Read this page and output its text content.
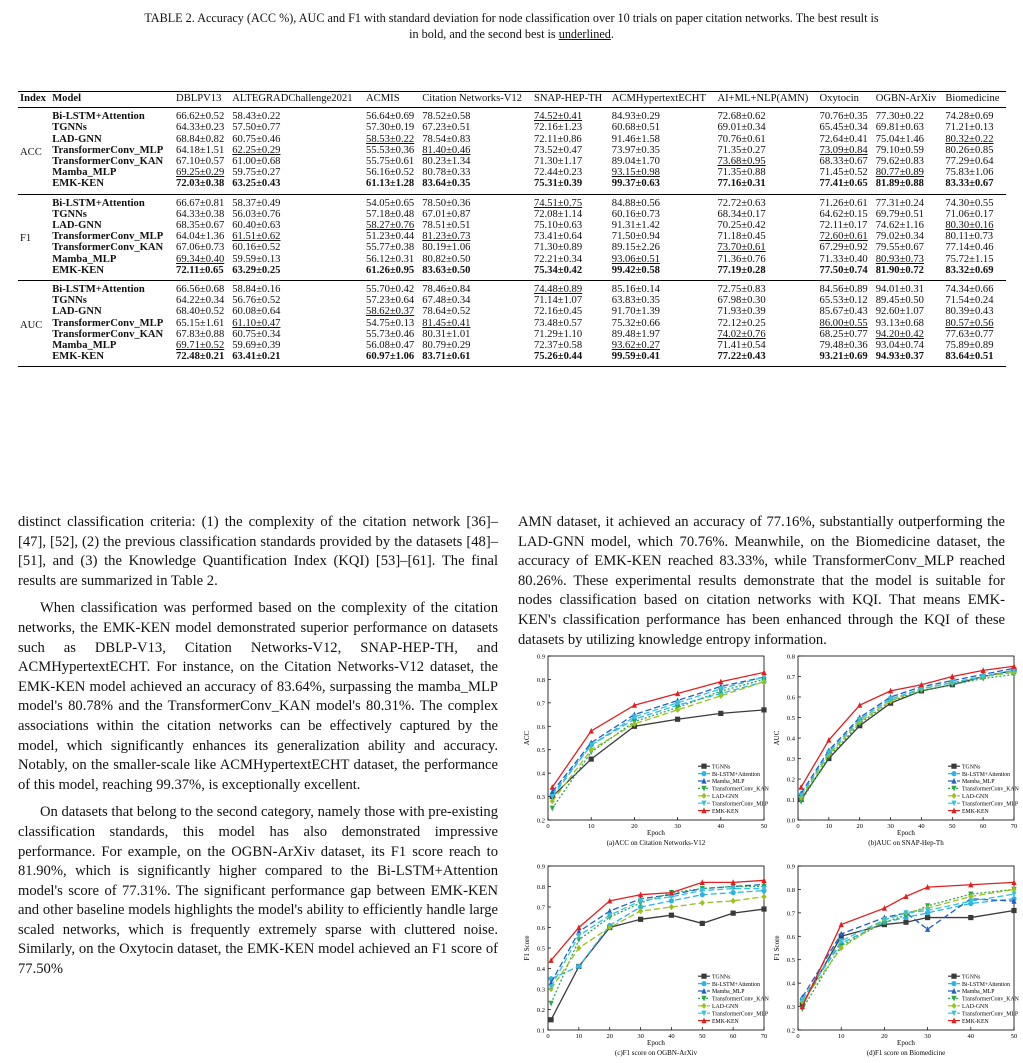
TABLE 2. Accuracy (ACC %), AUC and F1 with standard deviation for node classification over 10 trials on paper citation networks. The best result is
in bold, and the second best is underlined.
Index	Model	DBLPV13	ALTEGRADChallenge2021	ACMIS	Citation Networks-V12	SNAP-HEP-TH	ACMHypertextECHT	AI+ML+NLP(AMN)	Oxytocin	OGBN-ArXiv	Biomedicine
ACC	Bi-LSTM+Attention	66.62±0.52	58.43±0.22	56.64±0.69	78.52±0.58	74.52±0.41	84.93±0.29	72.68±0.62	70.76±0.35	77.30±0.22	74.28±0.69
	TGNNs	64.33±0.23	57.50±0.77	57.30±0.19	67.23±0.51	72.16±1.23	60.68±0.51	69.01±0.34	65.45±0.34	69.81±0.63	71.21±0.13
	LAD-GNN	68.84±0.82	60.75±0.46	58.53±0.22	78.54±0.83	72.11±0.86	91.46±1.58	70.76±0.61	72.64±0.41	75.04±1.46	80.32±0.22
	TransformerConv_MLP	64.18±1.51	62.25±0.29	55.53±0.36	81.40±0.46	73.52±0.47	73.97±0.35	71.35±0.27	73.09±0.84	79.10±0.59	80.26±0.85
	TransformerConv_KAN	67.10±0.57	61.00±0.68	55.75±0.61	80.23±1.34	71.30±1.17	89.04±1.70	73.68±0.95	68.33±0.67	79.62±0.83	77.29±0.64
	Mamba_MLP	69.25±0.29	59.75±0.27	56.16±0.52	80.78±0.33	72.44±0.23	93.15±0.98	71.35±0.88	71.45±0.52	80.77±0.89	75.83±1.06
	EMK-KEN	72.03±0.38	63.25±0.43	61.13±1.28	83.64±0.35	75.31±0.39	99.37±0.63	77.16±0.31	77.41±0.65	81.89±0.88	83.33±0.67
F1	Bi-LSTM+Attention	66.67±0.81	58.37±0.49	54.05±0.65	78.50±0.36	74.51±0.75	84.88±0.56	72.72±0.63	71.26±0.61	77.31±0.24	74.30±0.55
	TGNNs	64.33±0.38	56.03±0.76	57.18±0.48	67.01±0.87	72.08±1.14	60.16±0.73	68.34±0.17	64.62±0.15	69.79±0.51	71.06±0.17
	LAD-GNN	68.35±0.67	60.40±0.63	58.27±0.76	78.51±0.51	75.10±0.63	91.31±1.42	70.25±0.42	72.11±0.17	74.62±1.16	80.30±0.16
	TransformerConv_MLP	64.04±1.36	61.51±0.62	51.23±0.44	81.23±0.73	73.41±0.64	71.50±0.94	71.18±0.45	72.60±0.61	79.02±0.34	80.11±0.73
	TransformerConv_KAN	67.06±0.73	60.16±0.52	55.77±0.38	80.19±1.06	71.30±0.89	89.15±2.26	73.70±0.61	67.29±0.92	79.55±0.67	77.14±0.46
	Mamba_MLP	69.34±0.40	59.59±0.13	56.12±0.31	80.82±0.50	72.21±0.34	93.06±0.51	71.36±0.76	71.33±0.40	80.93±0.73	75.72±1.15
	EMK-KEN	72.11±0.65	63.29±0.25	61.26±0.95	83.63±0.50	75.34±0.42	99.42±0.58	77.19±0.28	77.50±0.74	81.90±0.72	83.32±0.69
AUC	Bi-LSTM+Attention	66.56±0.68	58.84±0.16	55.70±0.42	78.46±0.84	74.48±0.89	85.16±0.14	72.75±0.83	84.56±0.89	94.01±0.31	74.34±0.66
	TGNNs	64.22±0.34	56.76±0.52	57.23±0.64	67.48±0.34	71.14±1.07	63.83±0.35	67.98±0.30	65.53±0.12	89.45±0.50	71.54±0.24
	LAD-GNN	68.40±0.52	60.08±0.64	58.62±0.37	78.64±0.52	72.16±0.45	91.70±1.39	71.93±0.39	85.67±0.43	92.60±1.07	80.39±0.43
	TransformerConv_MLP	65.15±1.61	61.10±0.47	54.75±0.13	81.45±0.41	73.48±0.57	75.32±0.66	72.12±0.25	86.00±0.55	93.13±0.68	80.57±0.56
	TransformerConv_KAN	67.83±0.88	60.75±0.34	55.73±0.46	80.31±1.01	71.29±1.10	89.48±1.97	74.02±0.76	68.25±0.77	94.20±0.42	77.63±0.77
	Mamba_MLP	69.71±0.52	59.69±0.39	56.08±0.47	80.79±0.29	72.37±0.58	93.62±0.27	71.41±0.54	79.48±0.36	93.04±0.74	75.89±0.89
	EMK-KEN	72.48±0.21	63.41±0.21	60.97±1.06	83.71±0.61	75.26±0.44	99.59±0.41	77.22±0.43	93.21±0.69	94.93±0.37	83.64±0.51

distinct classification criteria: (1) the complexity of the citation network [36]–[47], [52], (2) the previous classification standards provided by the datasets [48]–[51], and (3) the Knowledge Quantification Index (KQI) [53]–[61]. The final results are summarized in Table 2.

When classification was performed based on the complexity of the citation networks, the EMK-KEN model demonstrated superior performance on datasets such as DBLP-V13, Citation Networks-V12, SNAP-HEP-TH, and ACMHypertextECHT. For instance, on the Citation Networks-V12 dataset, the EMK-KEN model achieved an accuracy of 83.64%, surpassing the mamba_MLP model's 80.78% and the TransformerConv_KAN model's 80.31%. The complex associations within the citation networks can be effectively captured by the model, which significantly enhances its generalization ability and accuracy. Notably, on the smaller-scale like ACMHypertextECHT dataset, the performance of this model, reaching 99.37%, is exceptionally excellent.

On datasets that belong to the second category, namely those with pre-existing classification standards, this model has also demonstrated impressive performance. For example, on the OGBN-ArXiv dataset, its F1 score reach to 81.90%, which is significantly higher compared to the Bi-LSTM+Attention model's score of 77.31%. The significant performance gap between EMK-KEN and other baseline models highlights the model's ability to efficiently handle large scaled networks, which is frequently extremely sparse with cluttered noise. Similarly, on the Oxytocin dataset, the EMK-KEN model achieved an F1 score of 77.50%

AMN dataset, it achieved an accuracy of 77.16%, substantially outperforming the LAD-GNN model, which 70.76%. Meanwhile, on the Biomedicine dataset, the accuracy of EMK-KEN reached 83.33%, while TransformerConv_MLP reached 80.26%. These experimental results demonstrate that the model is suitable for nodes classification based on citation networks with KQI. That means EMK-KEN's classification performance has been enhanced through the KQI of these datasets by utilizing knowledge entropy information.

0.2
0.3
0.4
0.5
0.6
0.7
0.8
0.9
0	10	20	30	40	50
Epoch
ACC
(a)ACC on Citation Networks-V12
TGNNs
Bi-LSTM+Attention
Mamba_MLP
TransformerConv_KAN
LAD-GNN
TransformerConv_MLP
EMK-KEN
0.0
0.1
0.2
0.3
0.4
0.5
0.6
0.7
0.8
0	10	20	30	40	50	60	70
Epoch
AUC
(b)AUC on SNAP-Hep-Th
TGNNs
Bi-LSTM+Attention
Mamba_MLP
TransformerConv_KAN
LAD-GNN
TransformerConv_MLP
EMK-KEN
0.1
0.2
0.3
0.4
0.5
0.6
0.7
0.8
0.9
0	10	20	30	40	50	60	70
Epoch
F1 Score
(c)F1 score on OGBN-ArXiv
TGNNs
Bi-LSTM+Attention
Mamba_MLP
TransformerConv_KAN
LAD-GNN
TransformerConv_MLP
EMK-KEN
0.2
0.3
0.4
0.5
0.6
0.7
0.8
0.9
0	10	20	30	40	50
Epoch
F1 Score
(d)F1 score on Biomedicine
TGNNs
Bi-LSTM+Attention
Mamba_MLP
TransformerConv_KAN
LAD-GNN
TransformerConv_MLP
EMK-KEN
